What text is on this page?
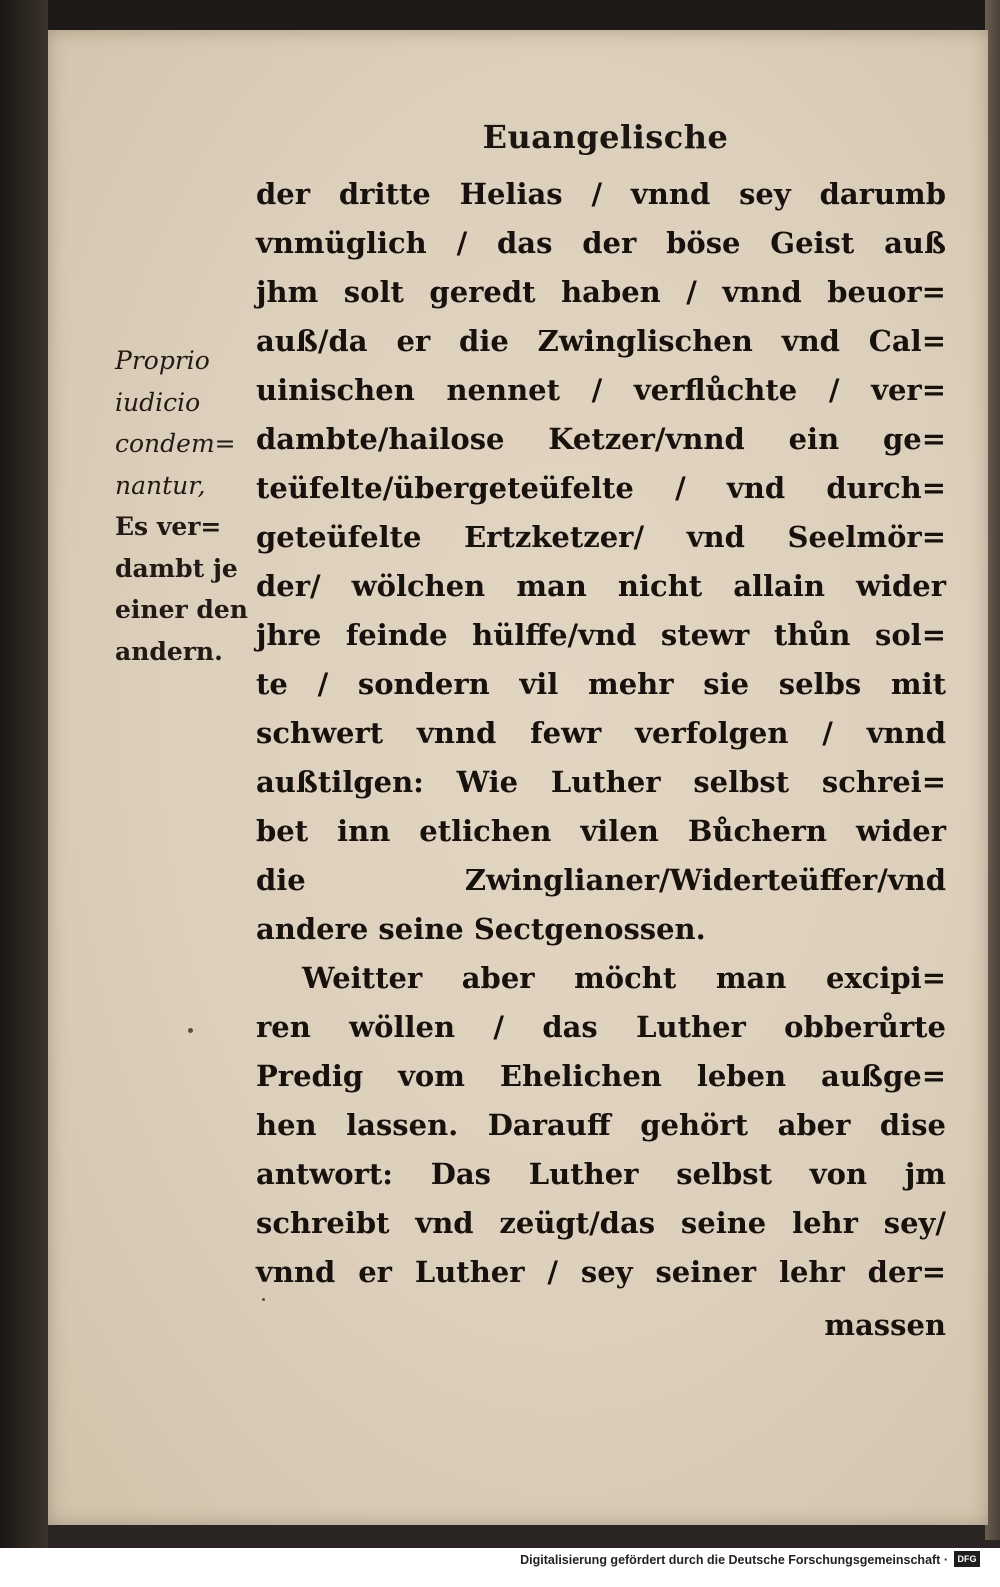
Euangelische
Proprio
iudicio
condem=
nantur,
Es ver=
dambt je
einer den
andern.
der dritte Helias / vnnd sey darumb
vnmüglich / das der böse Geist auß
jhm solt geredt haben / vnnd beuor=
auß/da er die Zwinglischen vnd Cal=
uinischen nennet / verflůchte / ver=
dambte/hailose Ketzer/vnnd ein ge=
teüfelte/übergeteüfelte / vnd durch=
geteüfelte Ertzketzer/ vnd Seelmör=
der/ wölchen man nicht allain wider
jhre feinde hülffe/vnd stewr thůn sol=
te / sondern vil mehr sie selbs mit
schwert vnnd fewr verfolgen / vnnd
außtilgen: Wie Luther selbst schrei=
bet inn etlichen vilen Bůchern wider
die Zwinglianer/Widerteüffer/vnd
andere seine Sectgenossen.
Weitter aber möcht man excipi=
ren wöllen / das Luther obberůrte
Predig vom Ehelichen leben außge=
hen lassen. Darauff gehört aber dise
antwort: Das Luther selbst von jm
schreibt vnd zeügt/das seine lehr sey/
vnnd er Luther / sey seiner lehr der=
massen
Digitalisierung gefördert durch die Deutsche Forschungsgemeinschaft ·	DFG
